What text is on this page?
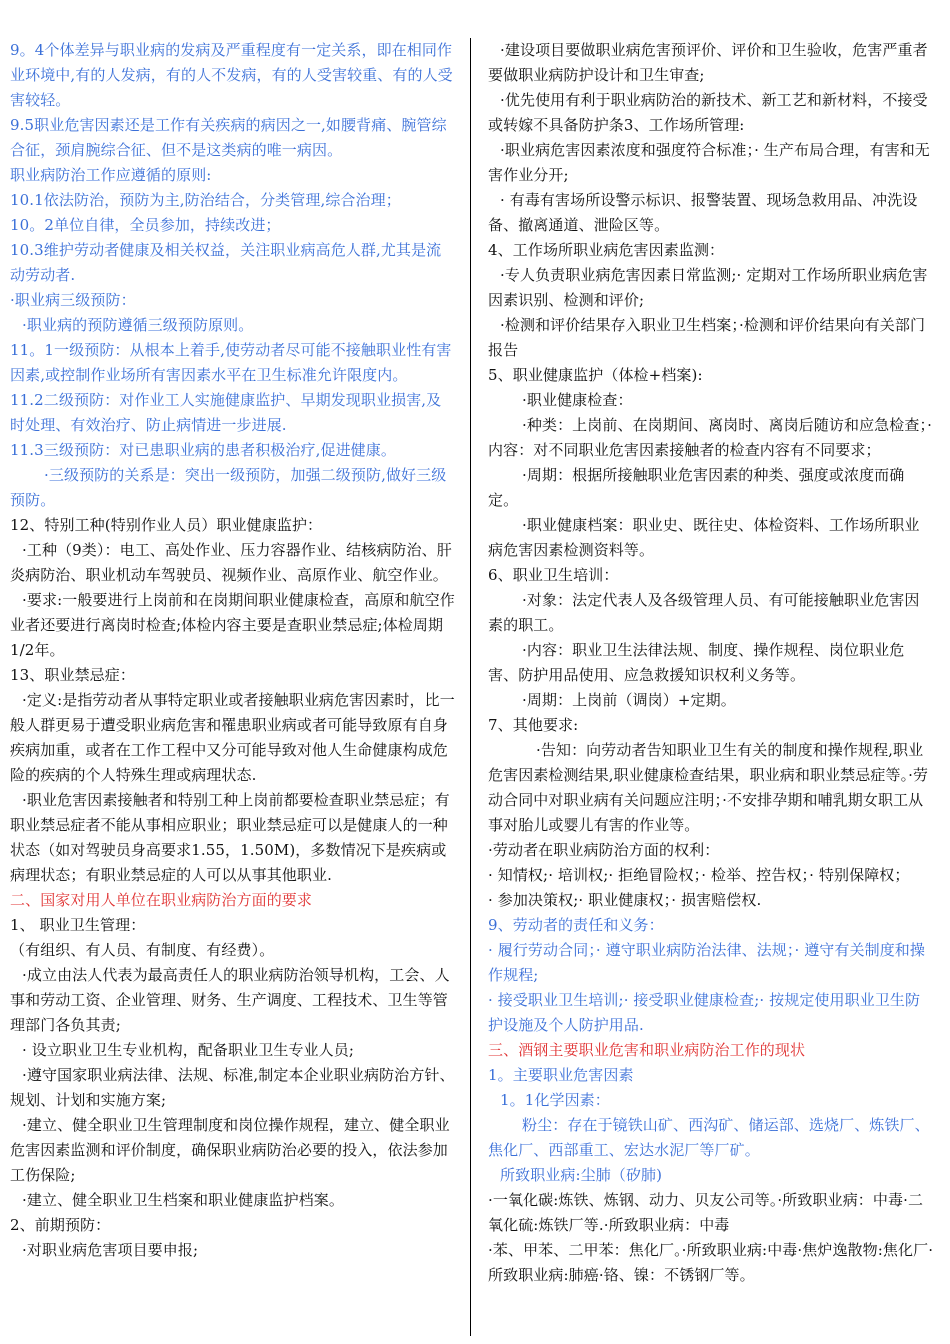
9。4个体差异与职业病的发病及严重程度有一定关系，即在相同作业环境中,有的人发病，有的人不发病，有的人受害较重、有的人受害较轻。

9.5职业危害因素还是工作有关疾病的病因之一,如腰背痛、腕管综合征，颈肩腕综合征、但不是这类病的唯一病因。

职业病防治工作应遵循的原则:

10.1依法防治，预防为主,防治结合，分类管理,综合治理；

10。2单位自律，全员参加，持续改进；

10.3维护劳动者健康及相关权益，关注职业病高危人群,尤其是流动劳动者.

·职业病三级预防：

·职业病的预防遵循三级预防原则。

11。1一级预防：从根本上着手,使劳动者尽可能不接触职业性有害因素,或控制作业场所有害因素水平在卫生标准允许限度内。

11.2二级预防：对作业工人实施健康监护、早期发现职业损害,及时处理、有效治疗、防止病情进一步进展.

11.3三级预防：对已患职业病的患者积极治疗,促进健康。

·三级预防的关系是：突出一级预防，加强二级预防,做好三级预防。

12、特别工种(特别作业人员）职业健康监护：

·工种（9类）：电工、高处作业、压力容器作业、结核病防治、肝炎病防治、职业机动车驾驶员、视频作业、高原作业、航空作业。

·要求:一般要进行上岗前和在岗期间职业健康检查，高原和航空作业者还要进行离岗时检查;体检内容主要是查职业禁忌症;体检周期1/2年。

13、职业禁忌症：

·定义:是指劳动者从事特定职业或者接触职业病危害因素时，比一般人群更易于遭受职业病危害和罹患职业病或者可能导致原有自身疾病加重，或者在工作工程中又分可能导致对他人生命健康构成危险的疾病的个人特殊生理或病理状态.

·职业危害因素接触者和特别工种上岗前都要检查职业禁忌症；有职业禁忌症者不能从事相应职业；职业禁忌症可以是健康人的一种状态（如对驾驶员身高要求1.55，1.50M)，多数情况下是疾病或病理状态；有职业禁忌症的人可以从事其他职业.

二、国家对用人单位在职业病防治方面的要求

1、 职业卫生管理：

（有组织、有人员、有制度、有经费）。

·成立由法人代表为最高责任人的职业病防治领导机构，工会、人事和劳动工资、企业管理、财务、生产调度、工程技术、卫生等管理部门各负其责;

· 设立职业卫生专业机构，配备职业卫生专业人员;

·遵守国家职业病法律、法规、标准,制定本企业职业病防治方针、规划、计划和实施方案;

·建立、健全职业卫生管理制度和岗位操作规程，建立、健全职业危害因素监测和评价制度，确保职业病防治必要的投入，依法参加工伤保险;

·建立、健全职业卫生档案和职业健康监护档案。

2、前期预防：

·对职业病危害项目要申报;

·建设项目要做职业病危害预评价、评价和卫生验收，危害严重者要做职业病防护设计和卫生审查;

·优先使用有利于职业病防治的新技术、新工艺和新材料，不接受或转嫁不具备防护条3、工作场所管理:

·职业病危害因素浓度和强度符合标准；· 生产布局合理，有害和无害作业分开;

· 有毒有害场所设警示标识、报警装置、现场急救用品、冲洗设备、撤离通道、泄险区等。

4、工作场所职业病危害因素监测：

·专人负责职业病危害因素日常监测;· 定期对工作场所职业病危害因素识别、检测和评价;

·检测和评价结果存入职业卫生档案；·检测和评价结果向有关部门报告

5、职业健康监护（体检+档案):

·职业健康检查：

·种类：上岗前、在岗期间、离岗时、离岗后随访和应急检查；·内容：对不同职业危害因素接触者的检查内容有不同要求；

·周期：根据所接触职业危害因素的种类、强度或浓度而确定。

·职业健康档案：职业史、既往史、体检资料、工作场所职业病危害因素检测资料等。

6、职业卫生培训：

·对象：法定代表人及各级管理人员、有可能接触职业危害因素的职工。

·内容：职业卫生法律法规、制度、操作规程、岗位职业危害、防护用品使用、应急救援知识权利义务等。

·周期：上岗前（调岗）+定期。

7、其他要求:

·告知：向劳动者告知职业卫生有关的制度和操作规程,职业危害因素检测结果,职业健康检查结果，职业病和职业禁忌症等。·劳动合同中对职业病有关问题应注明；·不安排孕期和哺乳期女职工从事对胎儿或婴儿有害的作业等。

·劳动者在职业病防治方面的权利：

· 知情权;· 培训权;· 拒绝冒险权；· 检举、控告权；· 特别保障权；

· 参加决策权;· 职业健康权；· 损害赔偿权.

9、劳动者的责任和义务：

· 履行劳动合同；· 遵守职业病防治法律、法规；· 遵守有关制度和操作规程;

· 接受职业卫生培训;· 接受职业健康检查;· 按规定使用职业卫生防护设施及个人防护用品.

三、酒钢主要职业危害和职业病防治工作的现状

1。主要职业危害因素

1。1化学因素：

粉尘：存在于镜铁山矿、西沟矿、储运部、选烧厂、炼铁厂、焦化厂、西部重工、宏达水泥厂等厂矿。

所致职业病:尘肺（矽肺)

·一氧化碳:炼铁、炼钢、动力、贝友公司等。·所致职业病：中毒·二氧化硫:炼铁厂等.·所致职业病：中毒

·苯、甲苯、二甲苯：焦化厂。·所致职业病:中毒·焦炉逸散物:焦化厂·所致职业病:肺癌·铬、镍：不锈钢厂等。
